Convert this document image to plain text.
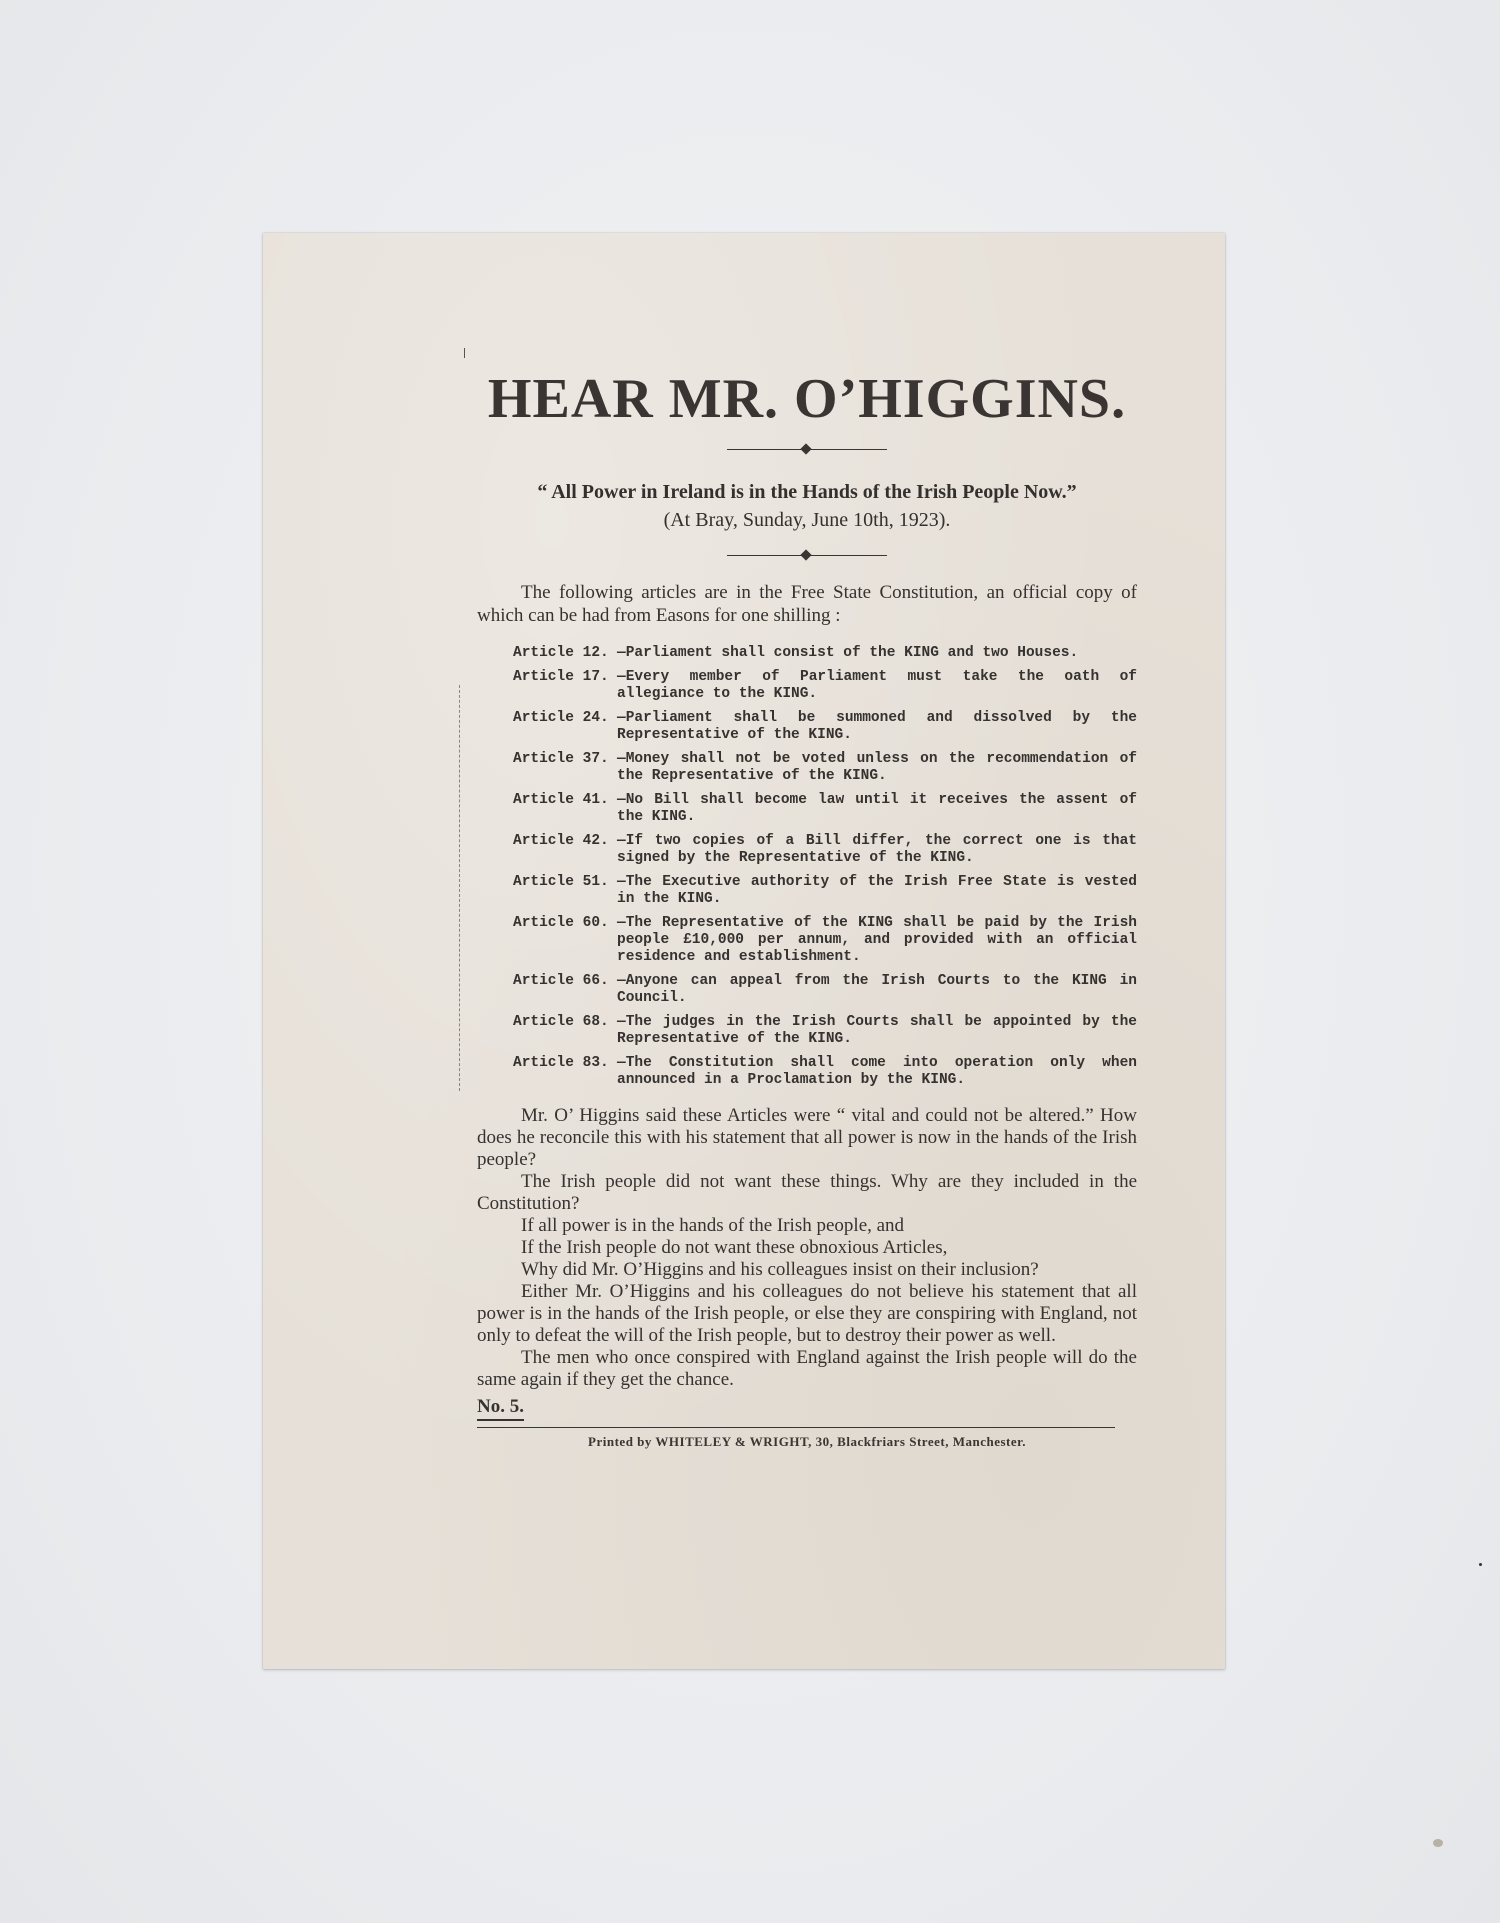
HEAR MR. O’HIGGINS.

“ All Power in Ireland is in the Hands of the Irish People Now.”

(At Bray, Sunday, June 10th, 1923).

The following articles are in the Free State Constitution, an official copy of which can be had from Easons for one shilling :

Article 12. —Parliament shall consist of the KING and two Houses.
Article 17. —Every member of Parliament must take the oath of allegiance to the KING.
Article 24. —Parliament shall be summoned and dissolved by the Representative of the KING.
Article 37. —Money shall not be voted unless on the recommendation of the Representative of the KING.
Article 41. —No Bill shall become law until it receives the assent of the KING.
Article 42. —If two copies of a Bill differ, the correct one is that signed by the Representative of the KING.
Article 51. —The Executive authority of the Irish Free State is vested in the KING.
Article 60. —The Representative of the KING shall be paid by the Irish people £10,000 per annum, and provided with an official residence and establishment.
Article 66. —Anyone can appeal from the Irish Courts to the KING in Council.
Article 68. —The judges in the Irish Courts shall be appointed by the Representative of the KING.
Article 83. —The Constitution shall come into operation only when announced in a Proclamation by the KING.

Mr. O’ Higgins said these Articles were “ vital and could not be altered.” How does he reconcile this with his statement that all power is now in the hands of the Irish people?

The Irish people did not want these things. Why are they included in the Constitution?

If all power is in the hands of the Irish people, and

If the Irish people do not want these obnoxious Articles,

Why did Mr. O’Higgins and his colleagues insist on their inclusion?

Either Mr. O’Higgins and his colleagues do not believe his statement that all power is in the hands of the Irish people, or else they are conspiring with England, not only to defeat the will of the Irish people, but to destroy their power as well.

The men who once conspired with England against the Irish people will do the same again if they get the chance.

No. 5.

Printed by WHITELEY & WRIGHT, 30, Blackfriars Street, Manchester.
